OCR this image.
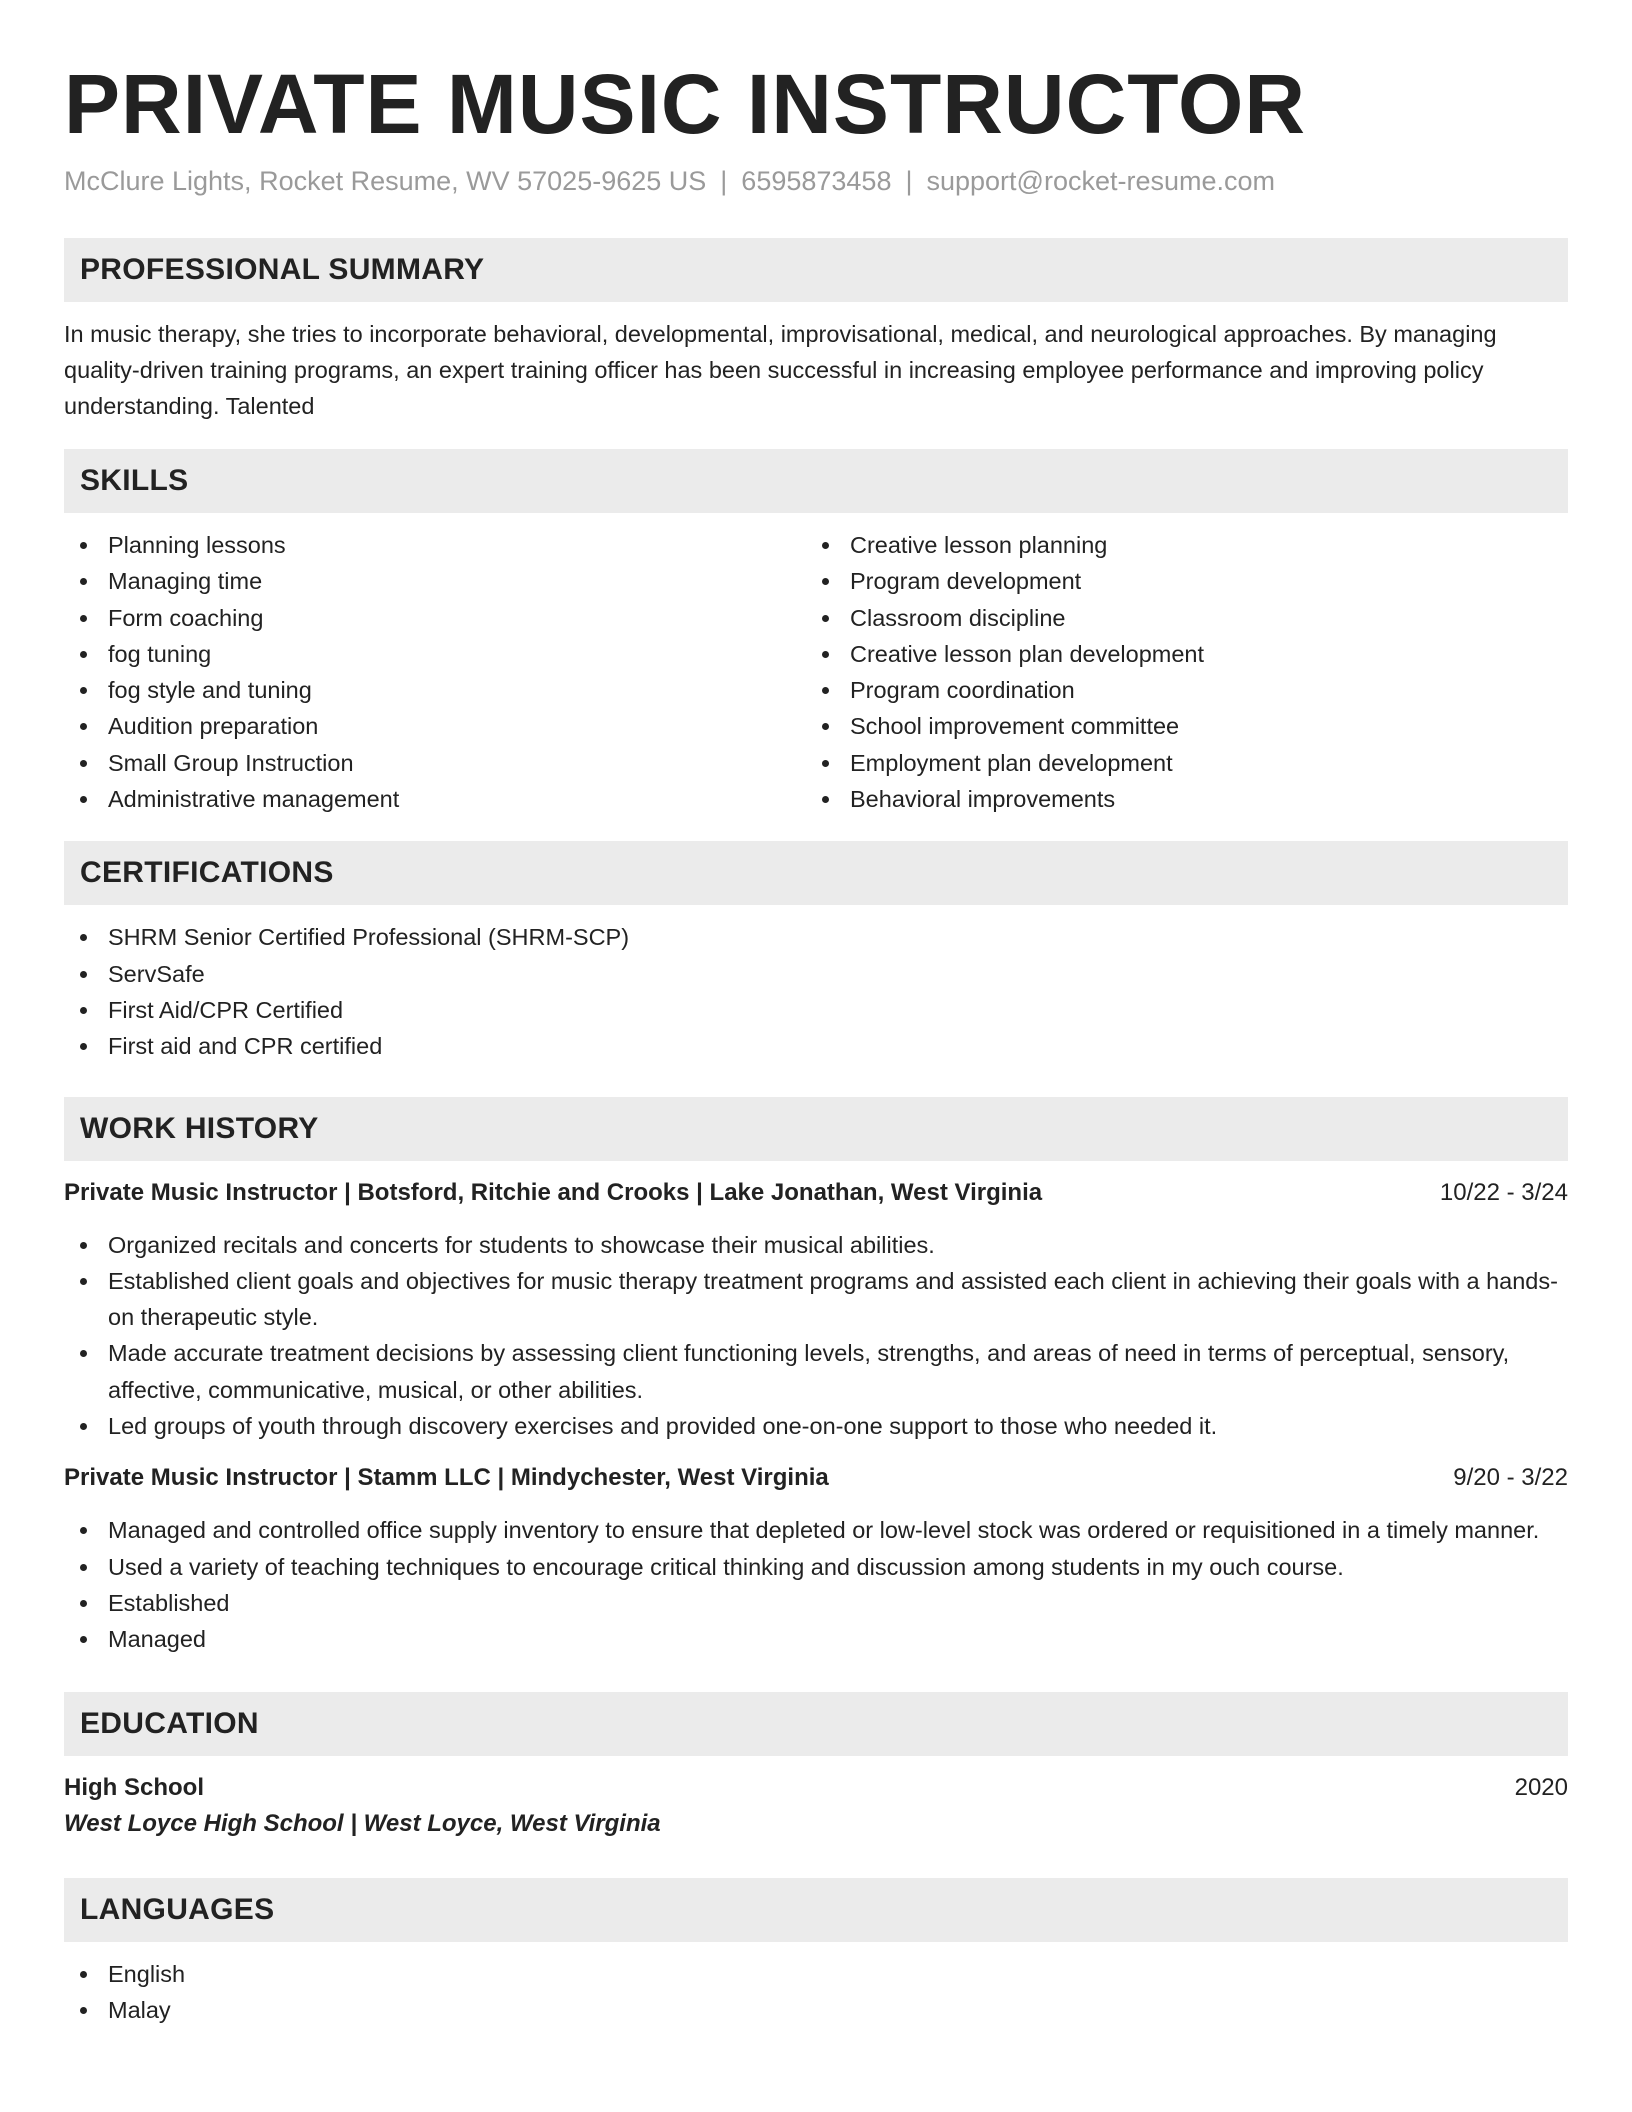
PRIVATE MUSIC INSTRUCTOR
McClure Lights, Rocket Resume, WV 57025-9625 US | 6595873458 | support@rocket-resume.com
PROFESSIONAL SUMMARY
In music therapy, she tries to incorporate behavioral, developmental, improvisational, medical, and neurological approaches. By managing quality-driven training programs, an expert training officer has been successful in increasing employee performance and improving policy understanding. Talented
SKILLS
Planning lessons
Managing time
Form coaching
fog tuning
fog style and tuning
Audition preparation
Small Group Instruction
Administrative management
Creative lesson planning
Program development
Classroom discipline
Creative lesson plan development
Program coordination
School improvement committee
Employment plan development
Behavioral improvements
CERTIFICATIONS
SHRM Senior Certified Professional (SHRM-SCP)
ServSafe
First Aid/CPR Certified
First aid and CPR certified
WORK HISTORY
Private Music Instructor | Botsford, Ritchie and Crooks | Lake Jonathan, West Virginia	10/22 - 3/24
Organized recitals and concerts for students to showcase their musical abilities.
Established client goals and objectives for music therapy treatment programs and assisted each client in achieving their goals with a hands-on therapeutic style.
Made accurate treatment decisions by assessing client functioning levels, strengths, and areas of need in terms of perceptual, sensory, affective, communicative, musical, or other abilities.
Led groups of youth through discovery exercises and provided one-on-one support to those who needed it.
Private Music Instructor | Stamm LLC | Mindychester, West Virginia	9/20 - 3/22
Managed and controlled office supply inventory to ensure that depleted or low-level stock was ordered or requisitioned in a timely manner.
Used a variety of teaching techniques to encourage critical thinking and discussion among students in my ouch course.
Established
Managed
EDUCATION
High School	2020
West Loyce High School | West Loyce, West Virginia
LANGUAGES
English
Malay
